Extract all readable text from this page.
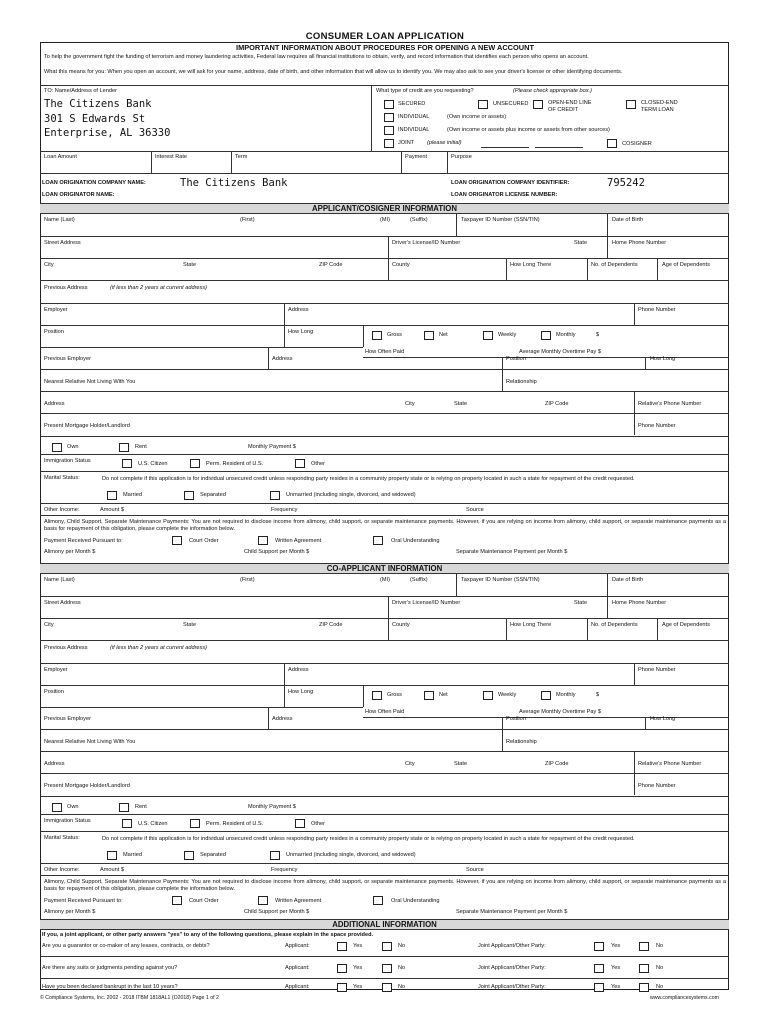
CONSUMER LOAN APPLICATION
IMPORTANT INFORMATION ABOUT PROCEDURES FOR OPENING A NEW ACCOUNT
To help the government fight the funding of terrorism and money laundering activities, Federal law requires all financial institutions to obtain, verify, and record information that identifies each person who opens an account.
What this means for you: When you open an account, we will ask for your name, address, date of birth, and other information that will allow us to identify you. We may also ask to see your driver's license or other identifying documents.
TO: Name/Address of Lender
The Citizens Bank
301 S Edwards St
Enterprise, AL 36330
What type of credit are you requesting?	(Please check appropriate box.)
SECURED	UNSECURED	OPEN-END LINE
OF CREDIT
CLOSED-END
TERM LOAN
INDIVIDUAL	(Own income or assets)
INDIVIDUAL	(Own income or assets plus income or assets from other sources)
JOINT (please initial)	COSIGNER
Loan Amount	Interest Rate	Term	Payment	Purpose
LOAN ORIGINATION COMPANY NAME:	The Citizens Bank	LOAN ORIGINATION COMPANY IDENTIFIER:	795242
LOAN ORIGINATOR NAME:	LOAN ORIGINATOR LICENSE NUMBER:
APPLICANT/COSIGNER INFORMATION
CO-APPLICANT INFORMATION
ADDITIONAL INFORMATION
If you, a joint applicant, or other party answers "yes" to any of the following questions, please explain in the space provided.
© Compliance Systems, Inc. 2002 - 2018 ITBM 1818AL1 (O2018) Page 1 of 2	www.compliancesystems.com
Name (Last)	(First)	(MI)	(Suffix)	Taxpayer ID Number (SSN/TIN)	Date of Birth
Street Address	Driver's License/ID Number	State	Home Phone Number
City	State	ZIP Code	County	How Long There	No. of Dependents	Age of Dependents
Previous Address	(if less than 2 years at current address)
Employer	Address	Phone Number
Position	How Long	Gross	Net	Weekly	Monthly	$
How Often Paid	Average Monthly Overtime Pay $
Previous Employer	Address	Position	How Long
Nearest Relative Not Living With You	Relationship
Address	City	State	ZIP Code	Relative's Phone Number
Present Mortgage Holder/Landlord	Phone Number
Own	Rent	Monthly Payment $
Immigration Status	U.S. Citizen	Perm. Resident of U.S.	Other
Marital Status:	Do not complete if this application is for individual unsecured credit unless responding party resides in a community property state or is relying on property located in such a state for repayment of the credit requested.
Married	Separated	Unmarried (including single, divorced, and widowed)
Other Income:	Amount $	Frequency	Source
Alimony, Child Support, Separate Maintenance Payments: You are not required to disclose income from alimony, child support, or separate maintenance payments. However, if you are relying on income from alimony, child support, or separate maintenance payments as a basis for repayment of this obligation, please complete the information below.
Payment Received Pursuant to:	Court Order	Written Agreement	Oral Understanding
Alimony per Month $	Child Support per Month $	Separate Maintenance Payment per Month $
Name (Last)	(First)	(MI)	(Suffix)	Taxpayer ID Number (SSN/TIN)	Date of Birth
Street Address	Driver's License/ID Number	State	Home Phone Number
City	State	ZIP Code	County	How Long There	No. of Dependents	Age of Dependents
Previous Address	(if less than 2 years at current address)
Employer	Address	Phone Number
Position	How Long	Gross	Net	Weekly	Monthly	$
How Often Paid	Average Monthly Overtime Pay $
Previous Employer	Address	Position	How Long
Nearest Relative Not Living With You	Relationship
Address	City	State	ZIP Code	Relative's Phone Number
Present Mortgage Holder/Landlord	Phone Number
Own	Rent	Monthly Payment $
Immigration Status	U.S. Citizen	Perm. Resident of U.S.	Other
Marital Status:	Do not complete if this application is for individual unsecured credit unless responding party resides in a community property state or is relying on property located in such a state for repayment of the credit requested.
Married	Separated	Unmarried (including single, divorced, and widowed)
Other Income:	Amount $	Frequency	Source
Alimony, Child Support, Separate Maintenance Payments: You are not required to disclose income from alimony, child support, or separate maintenance payments. However, if you are relying on income from alimony, child support, or separate maintenance payments as a basis for repayment of this obligation, please complete the information below.
Payment Received Pursuant to:	Court Order	Written Agreement	Oral Understanding
Alimony per Month $	Child Support per Month $	Separate Maintenance Payment per Month $
Are you a guarantor or co-maker of any leases, contracts, or debts?	Applicant:	Yes	No	Joint Applicant/Other Party:	Yes	No
Are there any suits or judgments pending against you?	Applicant:	Yes	No	Joint Applicant/Other Party:	Yes	No
Have you been declared bankrupt in the last 10 years?	Applicant:	Yes	No	Joint Applicant/Other Party:	Yes	No
